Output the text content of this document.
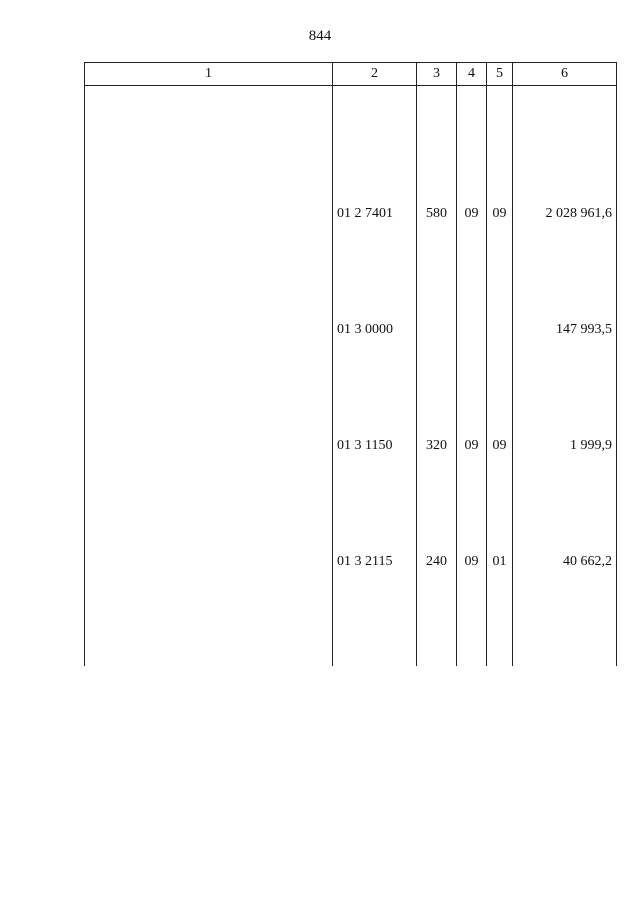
844
1	2	3	4	5	6

	01 2 7401	580	09	09	2 028 961,6
	01 3 0000				147 993,5
	01 3 1150	320	09	09	1 999,9
	01 3 2115	240	09	01	40 662,2
